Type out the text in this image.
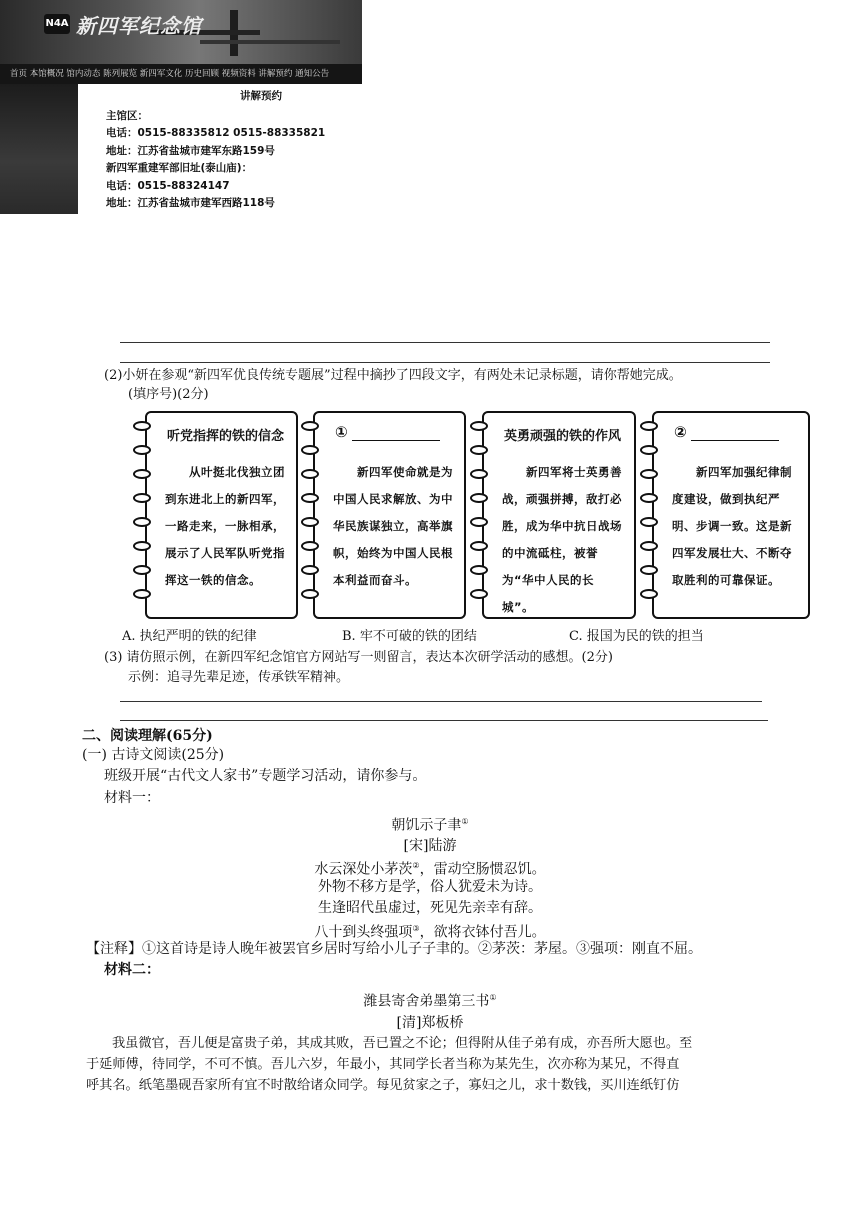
N4A 新四军纪念馆
首页 本馆概况 馆内动态 陈列展览 新四军文化 历史回顾 视频资料 讲解预约 通知公告
讲解预约
主馆区：
电话：0515-88335812 0515-88335821
地址：江苏省盐城市建军东路159号
新四军重建军部旧址(泰山庙)：
电话：0515-88324147
地址：江苏省盐城市建军西路118号
(2)小妍在参观“新四军优良传统专题展”过程中摘抄了四段文字，有两处未记录标题，请你帮她完成。
(填序号)(2分)
听党指挥的铁的信念
从叶挺北伐独立团到东进北上的新四军，一路走来，一脉相承，展示了人民军队听党指挥这一铁的信念。
①
新四军使命就是为中国人民求解放、为中华民族谋独立，高举旗帜，始终为中国人民根本利益而奋斗。
英勇顽强的铁的作风
新四军将士英勇善战，顽强拼搏，敌打必胜，成为华中抗日战场的中流砥柱，被誉为“华中人民的长城”。
②
新四军加强纪律制度建设，做到执纪严明、步调一致。这是新四军发展壮大、不断夺取胜利的可靠保证。
A. 执纪严明的铁的纪律	B. 牢不可破的铁的团结	C. 报国为民的铁的担当
(3) 请仿照示例，在新四军纪念馆官方网站写一则留言，表达本次研学活动的感想。(2分)
示例：追寻先辈足迹，传承铁军精神。
二、阅读理解(65分)
(一) 古诗文阅读(25分)
班级开展“古代文人家书”专题学习活动，请你参与。
材料一：
朝饥示子聿①
[宋]陆游
水云深处小茅茨②，雷动空肠惯忍饥。
外物不移方是学，俗人犹爱未为诗。
生逢昭代虽虚过，死见先亲幸有辞。
八十到头终强项③，欲将衣钵付吾儿。
【注释】①这首诗是诗人晚年被罢官乡居时写给小儿子子聿的。②茅茨：茅屋。③强项：刚直不屈。
材料二：
潍县寄舍弟墨第三书①
[清]郑板桥
我虽微官，吾儿便是富贵子弟，其成其败，吾已置之不论；但得附从佳子弟有成，亦吾所大愿也。至
于延师傅，待同学，不可不慎。吾儿六岁，年最小，其同学长者当称为某先生，次亦称为某兄，不得直
呼其名。纸笔墨砚吾家所有宜不时散给诸众同学。每见贫家之子，寡妇之儿，求十数钱，买川连纸钉仿
